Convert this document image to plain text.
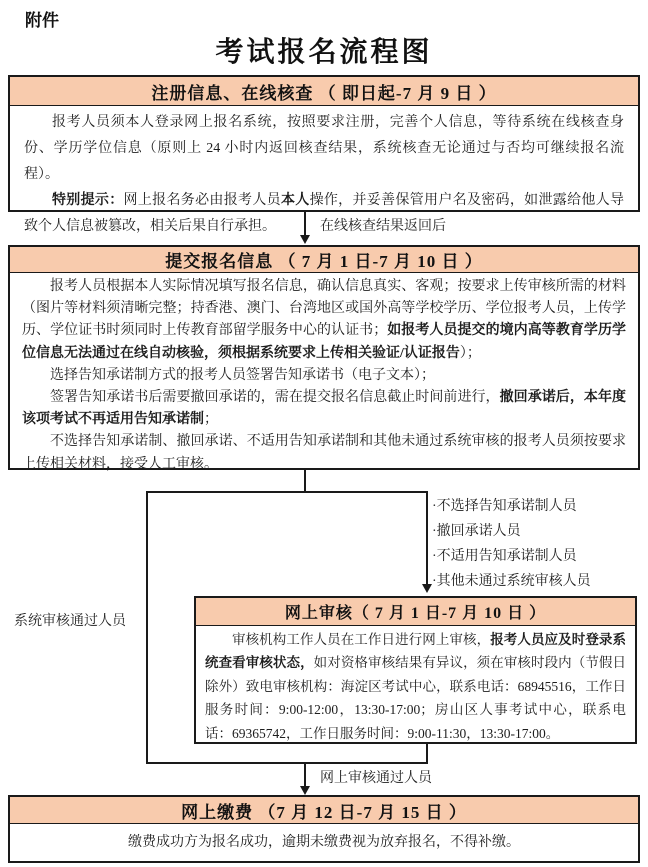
附件
考试报名流程图
注册信息、在线核查 （ 即日起-7 月 9 日 ）

报考人员须本人登录网上报名系统，按照要求注册，完善个人信息，等待系统在线核查身份、学历学位信息（原则上 24 小时内返回核查结果，系统核查无论通过与否均可继续报名流程）。

特别提示：网上报名务必由报考人员本人操作，并妥善保管用户名及密码，如泄露给他人导致个人信息被篡改，相关后果自行承担。	在线核查结果返回后
提交报名信息 （ 7 月 1 日-7 月 10 日 ）

报考人员根据本人实际情况填写报名信息，确认信息真实、客观；按要求上传审核所需的材料（图片等材料须清晰完整；持香港、澳门、台湾地区或国外高等学校学历、学位报考人员，上传学历、学位证书时须同时上传教育部留学服务中心的认证书；如报考人员提交的境内高等教育学历学位信息无法通过在线自动核验，须根据系统要求上传相关验证/认证报告）；

选择告知承诺制方式的报考人员签署告知承诺书（电子文本）；

签署告知承诺书后需要撤回承诺的，需在提交报名信息截止时间前进行，撤回承诺后，本年度该项考试不再适用告知承诺制；

不选择告知承诺制、撤回承诺、不适用告知承诺制和其他未通过系统审核的报考人员须按要求上传相关材料，接受人工审核。

·不选择告知承诺制人员
·撤回承诺人员
·不适用告知承诺制人员
·其他未通过系统审核人员
系统审核通过人员	网上审核（ 7 月 1 日-7 月 10 日 ）

审核机构工作人员在工作日进行网上审核，报考人员应及时登录系统查看审核状态，如对资格审核结果有异议，须在审核时段内（节假日除外）致电审核机构：海淀区考试中心，联系电话：68945516，工作日服务时间：9:00-12:00，13:30-17:00；房山区人事考试中心，联系电话：69365742，工作日服务时间：9:00-11:30，13:30-17:00。

网上审核通过人员
网上缴费 （7 月 12 日-7 月 15 日 ）

缴费成功方为报名成功，逾期未缴费视为放弃报名，不得补缴。
